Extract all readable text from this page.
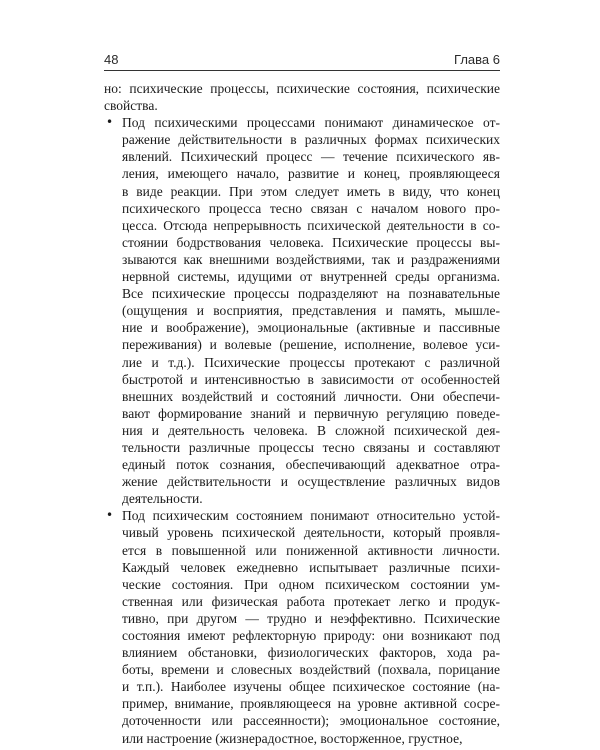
48	Глава 6
но: психические процессы, психические состояния, психические
свойства.
• Под психическими процессами понимают динамическое от-
ражение действительности в различных формах психических
явлений. Психический процесс — течение психического яв-
ления, имеющего начало, развитие и конец, проявляющееся
в виде реакции. При этом следует иметь в виду, что конец
психического процесса тесно связан с началом нового про-
цесса. Отсюда непрерывность психической деятельности в со-
стоянии бодрствования человека. Психические процессы вы-
зываются как внешними воздействиями, так и раздражениями
нервной системы, идущими от внутренней среды организма.
Все психические процессы подразделяют на познавательные
(ощущения и восприятия, представления и память, мышле-
ние и воображение), эмоциональные (активные и пассивные
переживания) и волевые (решение, исполнение, волевое уси-
лие и т.д.). Психические процессы протекают с различной
быстротой и интенсивностью в зависимости от особенностей
внешних воздействий и состояний личности. Они обеспечи-
вают формирование знаний и первичную регуляцию поведе-
ния и деятельность человека. В сложной психической дея-
тельности различные процессы тесно связаны и составляют
единый поток сознания, обеспечивающий адекватное отра-
жение действительности и осуществление различных видов
деятельности.
• Под психическим состоянием понимают относительно устой-
чивый уровень психической деятельности, который проявля-
ется в повышенной или пониженной активности личности.
Каждый человек ежедневно испытывает различные психи-
ческие состояния. При одном психическом состоянии ум-
ственная или физическая работа протекает легко и продук-
тивно, при другом — трудно и неэффективно. Психические
состояния имеют рефлекторную природу: они возникают под
влиянием обстановки, физиологических факторов, хода ра-
боты, времени и словесных воздействий (похвала, порицание
и т.п.). Наиболее изучены общее психическое состояние (на-
пример, внимание, проявляющееся на уровне активной сосре-
доточенности или рассеянности); эмоциональное состояние,
или настроение (жизнерадостное, восторженное, грустное,
